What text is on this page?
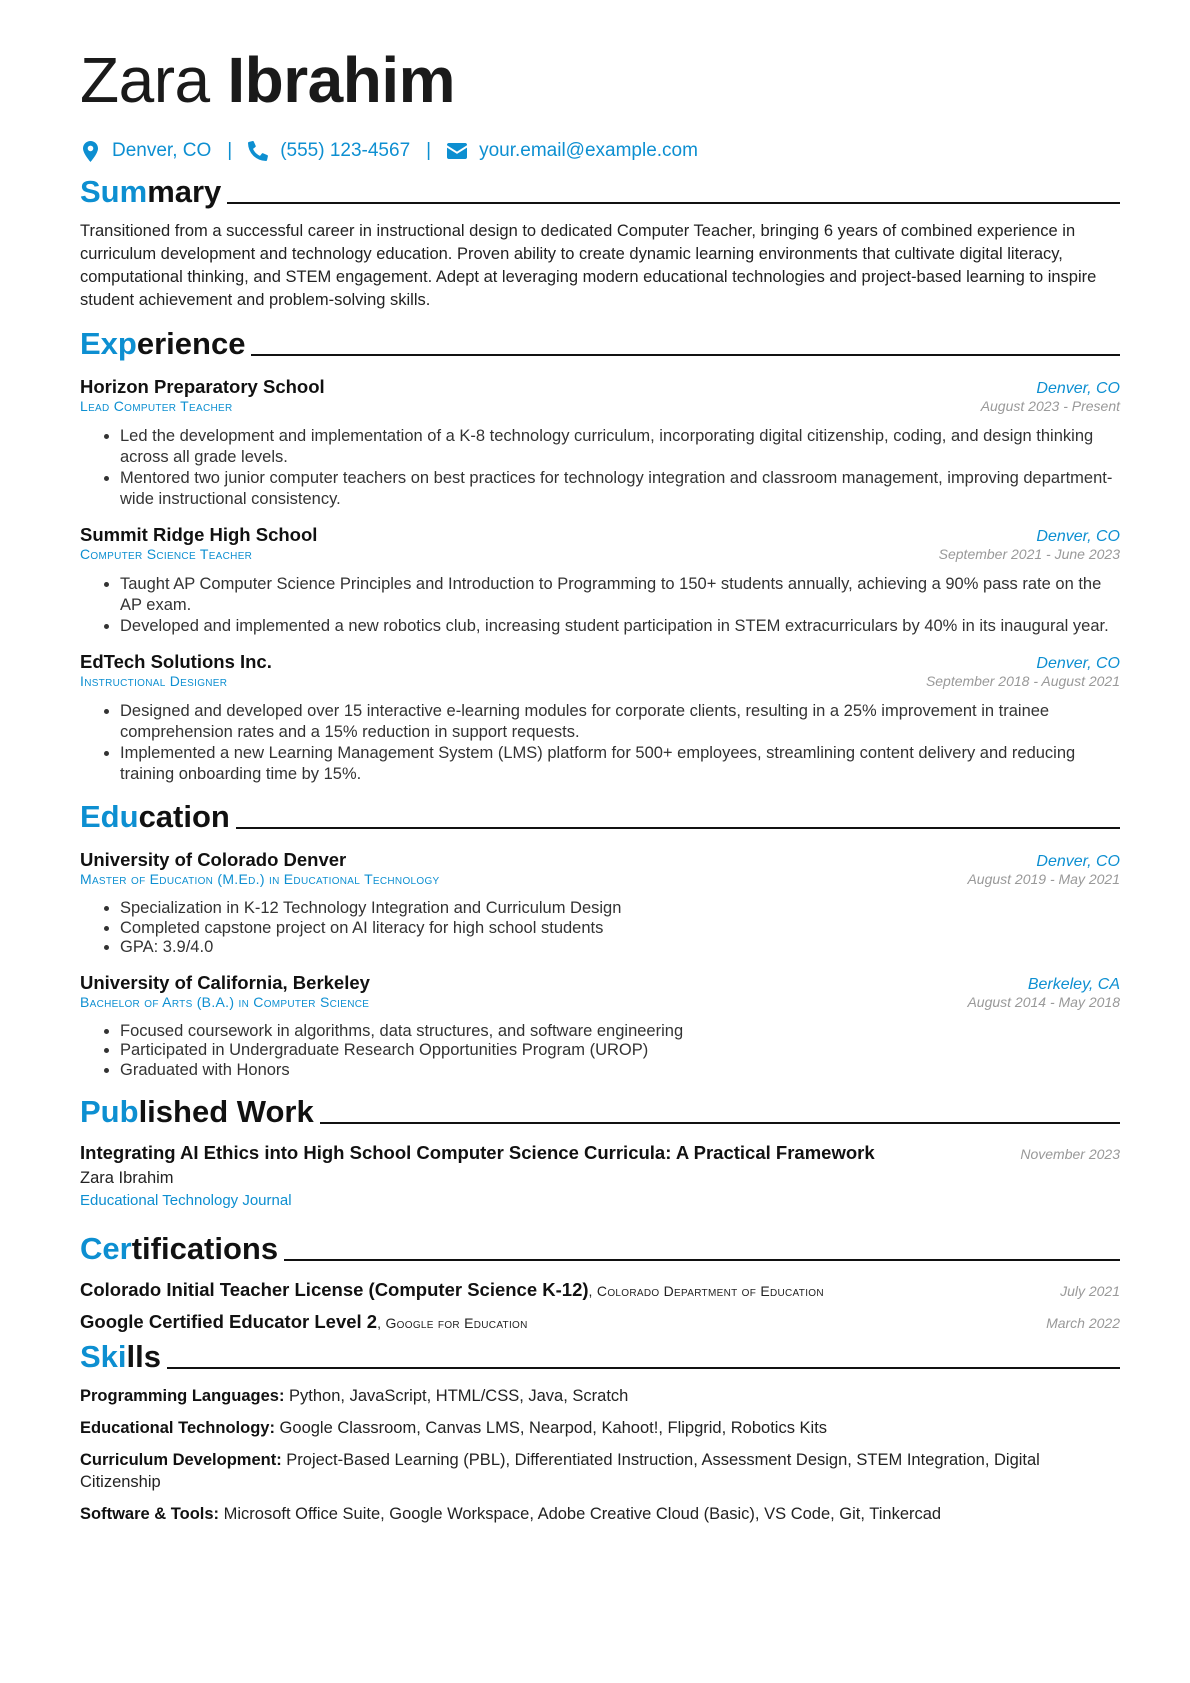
Zara Ibrahim
Denver, CO |	(555) 123-4567 |	your.email@example.com
Summary
Transitioned from a successful career in instructional design to dedicated Computer Teacher, bringing 6 years of combined experience in curriculum development and technology education. Proven ability to create dynamic learning environments that cultivate digital literacy, computational thinking, and STEM engagement. Adept at leveraging modern educational technologies and project-based learning to inspire student achievement and problem-solving skills.
Experience
Horizon Preparatory School	Denver, CO
Lead Computer Teacher	August 2023 - Present
• Led the development and implementation of a K-8 technology curriculum, incorporating digital citizenship, coding, and design thinking across all grade levels.
• Mentored two junior computer teachers on best practices for technology integration and classroom management, improving department-wide instructional consistency.
Summit Ridge High School	Denver, CO
Computer Science Teacher	September 2021 - June 2023
• Taught AP Computer Science Principles and Introduction to Programming to 150+ students annually, achieving a 90% pass rate on the AP exam.
• Developed and implemented a new robotics club, increasing student participation in STEM extracurriculars by 40% in its inaugural year.
EdTech Solutions Inc.	Denver, CO
Instructional Designer	September 2018 - August 2021
• Designed and developed over 15 interactive e-learning modules for corporate clients, resulting in a 25% improvement in trainee comprehension rates and a 15% reduction in support requests.
• Implemented a new Learning Management System (LMS) platform for 500+ employees, streamlining content delivery and reducing training onboarding time by 15%.
Education
University of Colorado Denver	Denver, CO
Master of Education (M.Ed.) in Educational Technology	August 2019 - May 2021
• Specialization in K-12 Technology Integration and Curriculum Design
• Completed capstone project on AI literacy for high school students
• GPA: 3.9/4.0
University of California, Berkeley	Berkeley, CA
Bachelor of Arts (B.A.) in Computer Science	August 2014 - May 2018
• Focused coursework in algorithms, data structures, and software engineering
• Participated in Undergraduate Research Opportunities Program (UROP)
• Graduated with Honors
Published Work
Integrating AI Ethics into High School Computer Science Curricula: A Practical Framework	November 2023
Zara Ibrahim
Educational Technology Journal
Certifications
Colorado Initial Teacher License (Computer Science K-12), Colorado Department of Education	July 2021
Google Certified Educator Level 2, Google for Education	March 2022
Skills
Programming Languages: Python, JavaScript, HTML/CSS, Java, Scratch
Educational Technology: Google Classroom, Canvas LMS, Nearpod, Kahoot!, Flipgrid, Robotics Kits
Curriculum Development: Project-Based Learning (PBL), Differentiated Instruction, Assessment Design, STEM Integration, Digital Citizenship
Software & Tools: Microsoft Office Suite, Google Workspace, Adobe Creative Cloud (Basic), VS Code, Git, Tinkercad
